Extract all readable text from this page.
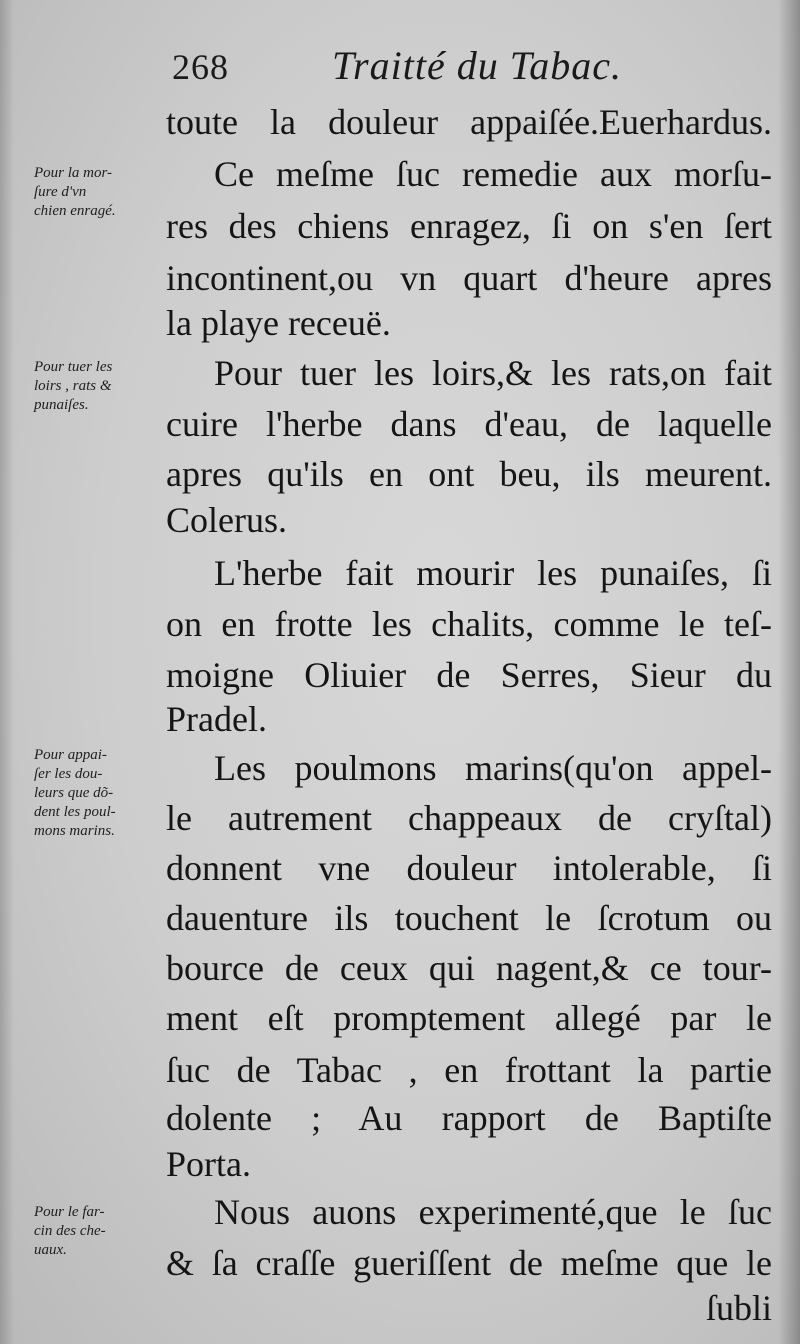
268	Traitté du Tabac.
Pour la mor-
ſure d'vn
chien enragé.
Pour tuer les
loirs , rats &
punaiſes.
Pour appai-
ſer les dou-
leurs que dõ-
dent les poul-
mons marins.
Pour le far-
cin des che-
uaux.
toute la douleur appaiſée.Euerhardus.
Ce meſme ſuc remedie aux morſu-
res des chiens enragez, ſi on s'en ſert
incontinent,ou vn quart d'heure apres
la playe receuë.
Pour tuer les loirs,& les rats,on fait
cuire l'herbe dans d'eau, de laquelle
apres qu'ils en ont beu, ils meurent.
Colerus.
L'herbe fait mourir les punaiſes, ſi
on en frotte les chalits, comme le teſ-
moigne Oliuier de Serres, Sieur du
Pradel.
Les poulmons marins(qu'on appel-
le autrement chappeaux de cryſtal)
donnent vne douleur intolerable, ſi
dauenture ils touchent le ſcrotum ou
bource de ceux qui nagent,& ce tour-
ment eſt promptement allegé par le
ſuc de Tabac , en frottant la partie
dolente ; Au rapport de Baptiſte
Porta.
Nous auons experimenté,que le ſuc
& ſa craſſe gueriſſent de meſme que le
ſubli
